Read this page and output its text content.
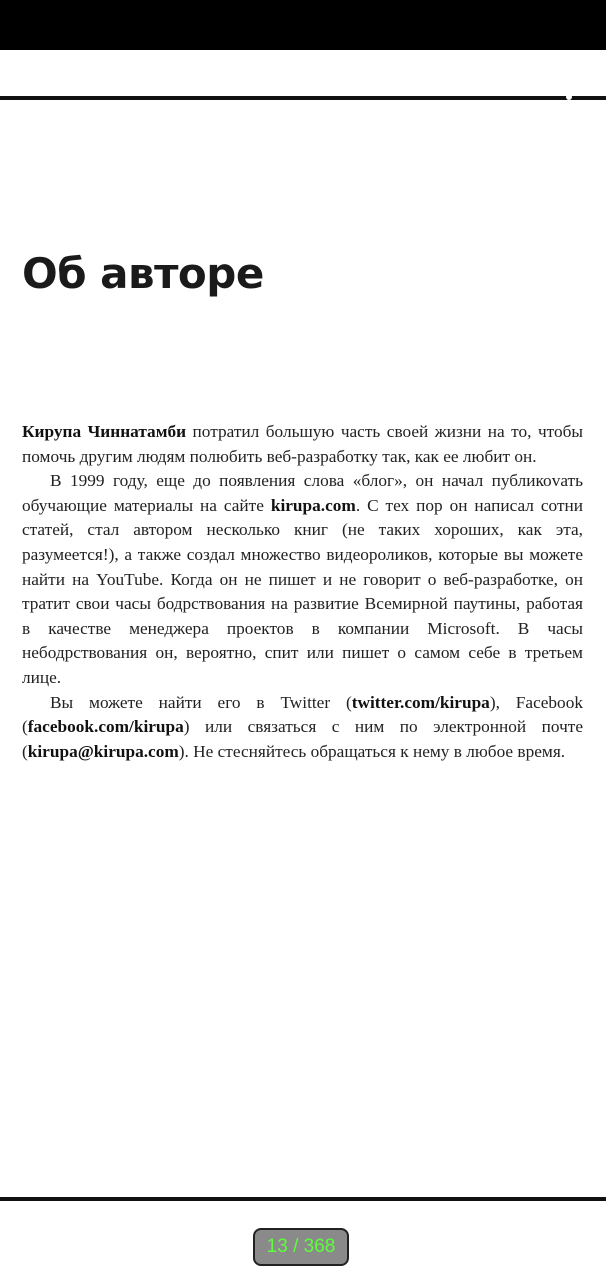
Об авторе

Кирупа Чиннатамби потратил большую часть своей жизни на то, чтобы помочь другим людям полюбить веб-разработку так, как ее любит он.

В 1999 году, еще до появления слова «блог», он начал публикоvать обучающие материалы на сайте kirupa.com. С тех пор он написал сотни статей, стал автором несколько книг (не таких хороших, как эта, разумеется!), а также создал множество видеороликов, которые вы можете найти на YouTube. Когда он не пишет и не говорит о веб-разработке, он тратит свои часы бодрствования на развитие Всемирной паутины, работая в качестве менеджера проектов в компании Microsoft. В часы небодрствования он, вероятно, спит или пишет о самом себе в третьем лице.

Вы можете найти его в Twitter (twitter.com/kirupa), Facebook (facebook.com/kirupa) или связаться с ним по электронной почте (kirupa@kirupa.com). Не стесняйтесь обращаться к нему в любое время.

13 / 368
